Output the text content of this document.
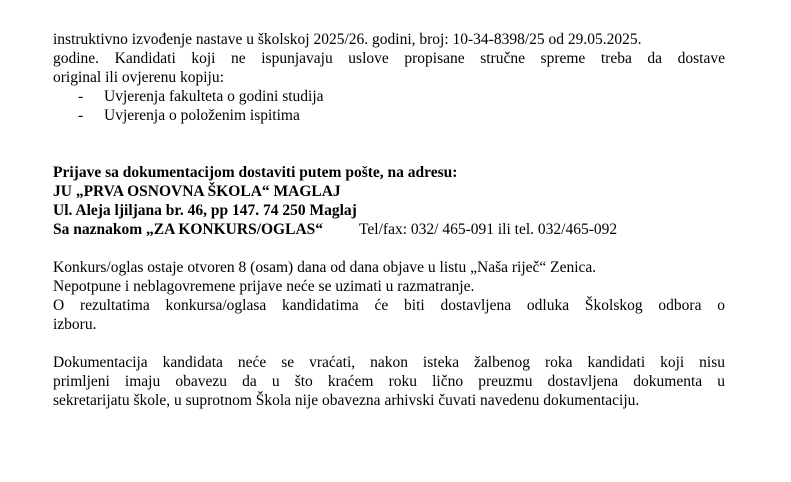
instruktivno izvođenje nastave u školskoj 2025/26. godini, broj: 10-34-8398/25 od 29.05.2025.
godine. Kandidati koji ne ispunjavaju uslove propisane stručne spreme treba da dostave
original ili ovjerenu kopiju:
-	Uvjerenja fakulteta o godini studija
-	Uvjerenja o položenim ispitima
Prijave sa dokumentacijom dostaviti putem pošte, na adresu:
JU „PRVA OSNOVNA ŠKOLA“ MAGLAJ
Ul. Aleja ljiljana br. 46, pp 147. 74 250 Maglaj
Sa naznakom „ZA KONKURS/OGLAS“ Tel/fax: 032/ 465-091 ili tel. 032/465-092
Konkurs/oglas ostaje otvoren 8 (osam) dana od dana objave u listu „Naša riječ“ Zenica.
Nepotpune i neblagovremene prijave neće se uzimati u razmatranje.
O rezultatima konkursa/oglasa kandidatima će biti dostavljena odluka Školskog odbora o
izboru.
Dokumentacija kandidata neće se vraćati, nakon isteka žalbenog roka kandidati koji nisu
primljeni imaju obavezu da u što kraćem roku lično preuzmu dostavljena dokumenta u
sekretarijatu škole, u suprotnom Škola nije obavezna arhivski čuvati navedenu dokumentaciju.
